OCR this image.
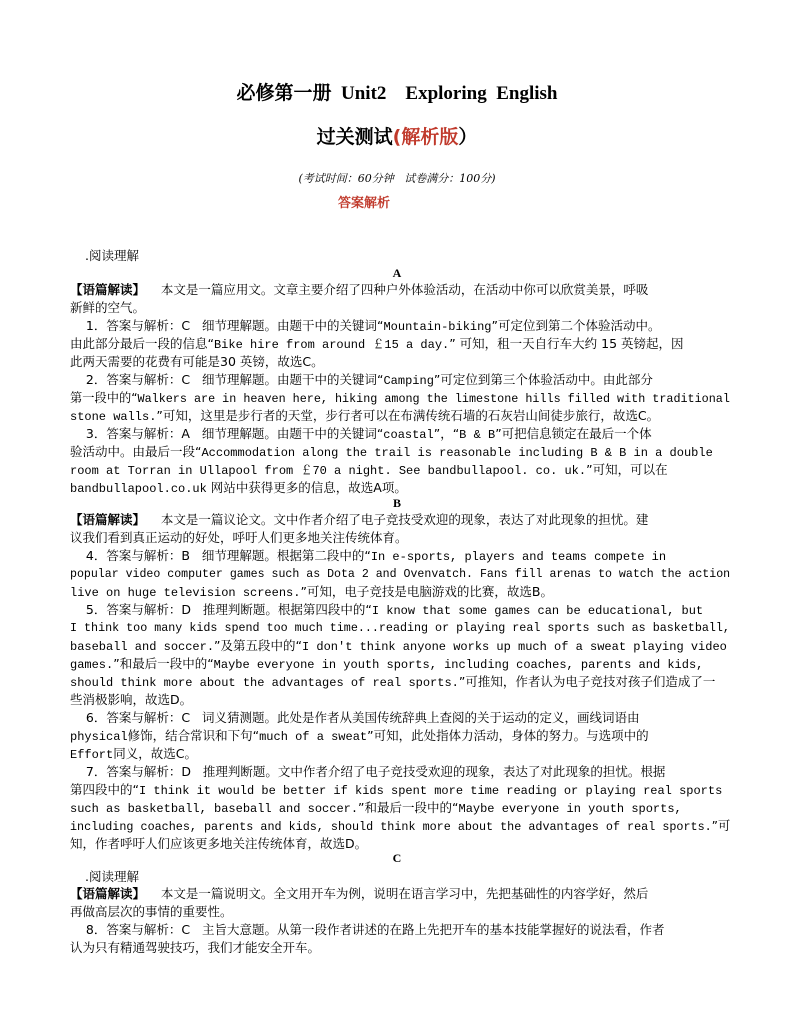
必修第一册  Unit2    Exploring  English
过关测试(解析版）
(考试时间：60分钟   试卷满分：100分)
答案解析
.阅读理解
A
【语篇解读】    本文是一篇应用文。文章主要介绍了四种户外体验活动，在活动中你可以欣赏美景，呼吸
新鲜的空气。
1．答案与解析：C   细节理解题。由题干中的关键词“Mountain-biking”可定位到第二个体验活动中。
由此部分最后一段的信息“Bike hire from around ￡15 a day.” 可知，租一天自行车大约 15 英镑起，因
此两天需要的花费有可能是30 英镑，故选C。
2．答案与解析：C   细节理解题。由题干中的关键词“Camping”可定位到第三个体验活动中。由此部分
第一段中的“Walkers are in heaven here, hiking among the limestone hills filled with traditional
stone walls.”可知，这里是步行者的天堂，步行者可以在布满传统石墙的石灰岩山间徒步旅行，故选C。
3．答案与解析：A   细节理解题。由题干中的关键词“coastal”，“B & B”可把信息锁定在最后一个体
验活动中。由最后一段“Accommodation along the trail is reasonable including B & B in a double
room at Torran in Ullapool from ￡70 a night. See bandbullapool. co. uk.”可知，可以在
bandbullapool.co.uk 网站中获得更多的信息，故选A项。
B
【语篇解读】    本文是一篇议论文。文中作者介绍了电子竞技受欢迎的现象，表达了对此现象的担忧。建
议我们看到真正运动的好处，呼吁人们更多地关注传统体育。
4．答案与解析：B   细节理解题。根据第二段中的“In e-sports, players and teams compete in
popular video computer games such as Dota 2 and Ovenvatch. Fans fill arenas to watch the action
live on huge television screens.”可知，电子竞技是电脑游戏的比赛，故选B。
5．答案与解析：D   推理判断题。根据第四段中的“I know that some games can be educational, but
I think too many kids spend too much time...reading or playing real sports such as basketball,
baseball and soccer.”及第五段中的“I don't think anyone works up much of a sweat playing video
games.”和最后一段中的“Maybe everyone in youth sports, including coaches, parents and kids,
should think more about the advantages of real sports.”可推知，作者认为电子竞技对孩子们造成了一
些消极影响，故选D。
6．答案与解析：C   词义猜测题。此处是作者从美国传统辞典上查阅的关于运动的定义，画线词语由
physical修饰，结合常识和下句“much of a sweat”可知，此处指体力活动，身体的努力。与选项中的
Effort同义，故选C。
7．答案与解析：D   推理判断题。文中作者介绍了电子竞技受欢迎的现象，表达了对此现象的担忧。根据
第四段中的“I think it would be better if kids spent more time reading or playing real sports
such as basketball, baseball and soccer.”和最后一段中的“Maybe everyone in youth sports,
including coaches, parents and kids, should think more about the advantages of real sports.”可
知，作者呼吁人们应该更多地关注传统体育，故选D。
C
.阅读理解
【语篇解读】    本文是一篇说明文。全文用开车为例，说明在语言学习中，先把基础性的内容学好，然后
再做高层次的事情的重要性。
8．答案与解析：C   主旨大意题。从第一段作者讲述的在路上先把开车的基本技能掌握好的说法看，作者
认为只有精通驾驶技巧，我们才能安全开车。
